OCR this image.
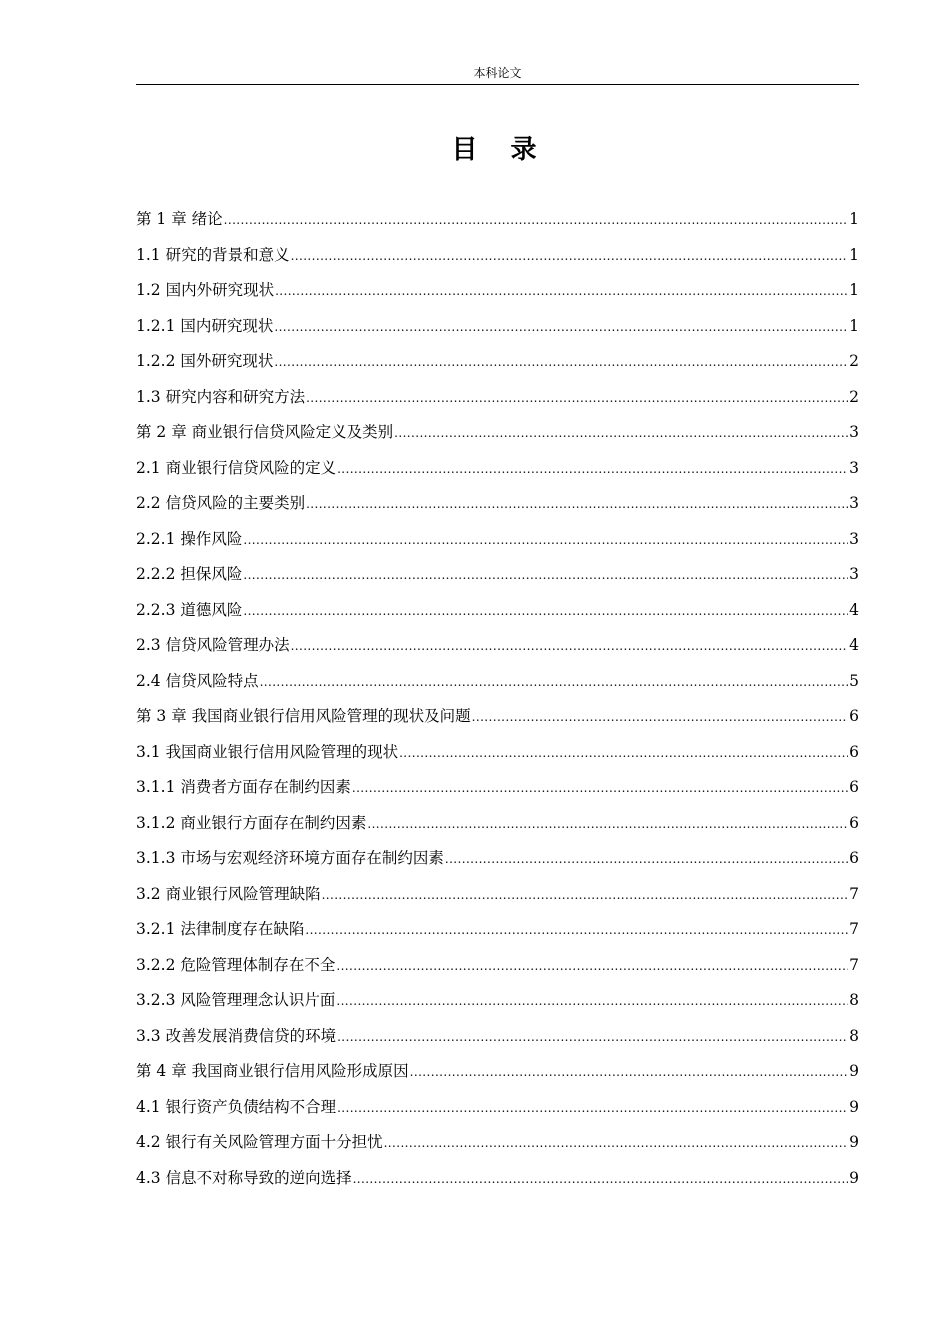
本科论文
目 录
第 1 章 绪论 .....	1
1.1 研究的背景和意义 .....	1
1.2 国内外研究现状 .....	1
1.2.1 国内研究现状 .....	1
1.2.2 国外研究现状 .....	2
1.3 研究内容和研究方法 .....	2
第 2 章 商业银行信贷风险定义及类别 .....	3
2.1 商业银行信贷风险的定义 .....	3
2.2 信贷风险的主要类别 .....	3
2.2.1 操作风险 .....	3
2.2.2 担保风险 .....	3
2.2.3 道德风险 .....	4
2.3 信贷风险管理办法 .....	4
2.4 信贷风险特点 .....	5
第 3 章 我国商业银行信用风险管理的现状及问题 .....	6
3.1 我国商业银行信用风险管理的现状 .....	6
3.1.1 消费者方面存在制约因素 .....	6
3.1.2 商业银行方面存在制约因素 .....	6
3.1.3 市场与宏观经济环境方面存在制约因素 .....	6
3.2 商业银行风险管理缺陷 .....	7
3.2.1 法律制度存在缺陷 .....	7
3.2.2 危险管理体制存在不全 .....	7
3.2.3 风险管理理念认识片面 .....	8
3.3 改善发展消费信贷的环境 .....	8
第 4 章 我国商业银行信用风险形成原因 .....	9
4.1 银行资产负债结构不合理 .....	9
4.2 银行有关风险管理方面十分担忧 .....	9
4.3 信息不对称导致的逆向选择 .....	9
